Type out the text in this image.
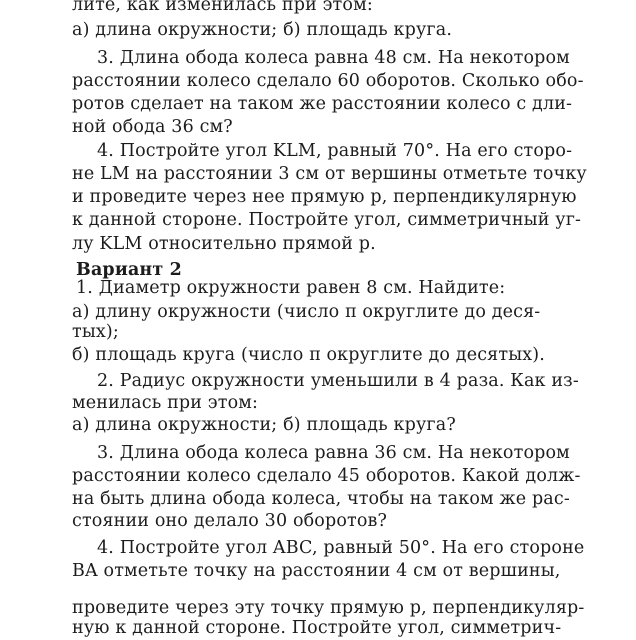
лите, как изменилась при этом:
а) длина окружности; б) площадь круга.
3. Длина обода колеса равна 48 см. На некотором
расстоянии колесо сделало 60 оборотов. Сколько обо-
ротов сделает на таком же расстоянии колесо с дли-
ной обода 36 см?
4. Постройте угол KLM, равный 70°. На его сторо-
не LM на расстоянии 3 см от вершины отметьте точку
и проведите через нее прямую p, перпендикулярную
к данной стороне. Постройте угол, симметричный уг-
лу KLM относительно прямой p.
Вариант 2
1. Диаметр окружности равен 8 см. Найдите:
а) длину окружности (число π округлите до деся-
тых);
б) площадь круга (число π округлите до десятых).
2. Радиус окружности уменьшили в 4 раза. Как из-
менилась при этом:
а) длина окружности; б) площадь круга?
3. Длина обода колеса равна 36 см. На некотором
расстоянии колесо сделало 45 оборотов. Какой долж-
на быть длина обода колеса, чтобы на таком же рас-
стоянии оно делало 30 оборотов?
4. Постройте угол ABC, равный 50°. На его стороне
BA отметьте точку на расстоянии 4 см от вершины,
проведите через эту точку прямую p, перпендикуляр-
ную к данной стороне. Постройте угол, симметрич-
